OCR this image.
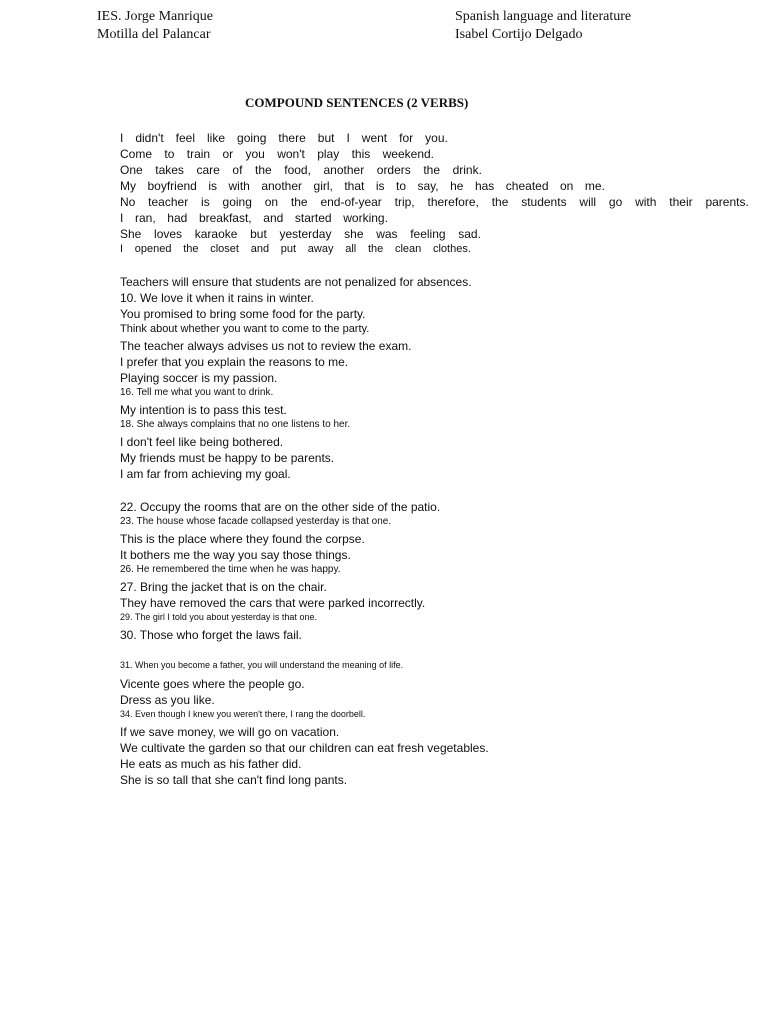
IES. Jorge Manrique
Motilla del Palancar
Spanish language and literature
Isabel Cortijo Delgado
COMPOUND SENTENCES (2 VERBS)
I didn't feel like going there but I went for you.
Come to train or you won't play this weekend.
One takes care of the food, another orders the drink.
My boyfriend is with another girl, that is to say, he has cheated on me.
No teacher is going on the end-of-year trip, therefore, the students will go with their parents.
I ran, had breakfast, and started working.
She loves karaoke but yesterday she was feeling sad.
I opened the closet and put away all the clean clothes.
Teachers will ensure that students are not penalized for absences.
10. We love it when it rains in winter.
You promised to bring some food for the party.
Think about whether you want to come to the party.
The teacher always advises us not to review the exam.
I prefer that you explain the reasons to me.
Playing soccer is my passion.
16. Tell me what you want to drink.
My intention is to pass this test.
18. She always complains that no one listens to her.
I don't feel like being bothered.
My friends must be happy to be parents.
I am far from achieving my goal.
22. Occupy the rooms that are on the other side of the patio.
23. The house whose facade collapsed yesterday is that one.
This is the place where they found the corpse.
It bothers me the way you say those things.
26. He remembered the time when he was happy.
27. Bring the jacket that is on the chair.
They have removed the cars that were parked incorrectly.
29. The girl I told you about yesterday is that one.
30. Those who forget the laws fail.
31. When you become a father, you will understand the meaning of life.
Vicente goes where the people go.
Dress as you like.
34. Even though I knew you weren't there, I rang the doorbell.
If we save money, we will go on vacation.
We cultivate the garden so that our children can eat fresh vegetables.
He eats as much as his father did.
She is so tall that she can't find long pants.
